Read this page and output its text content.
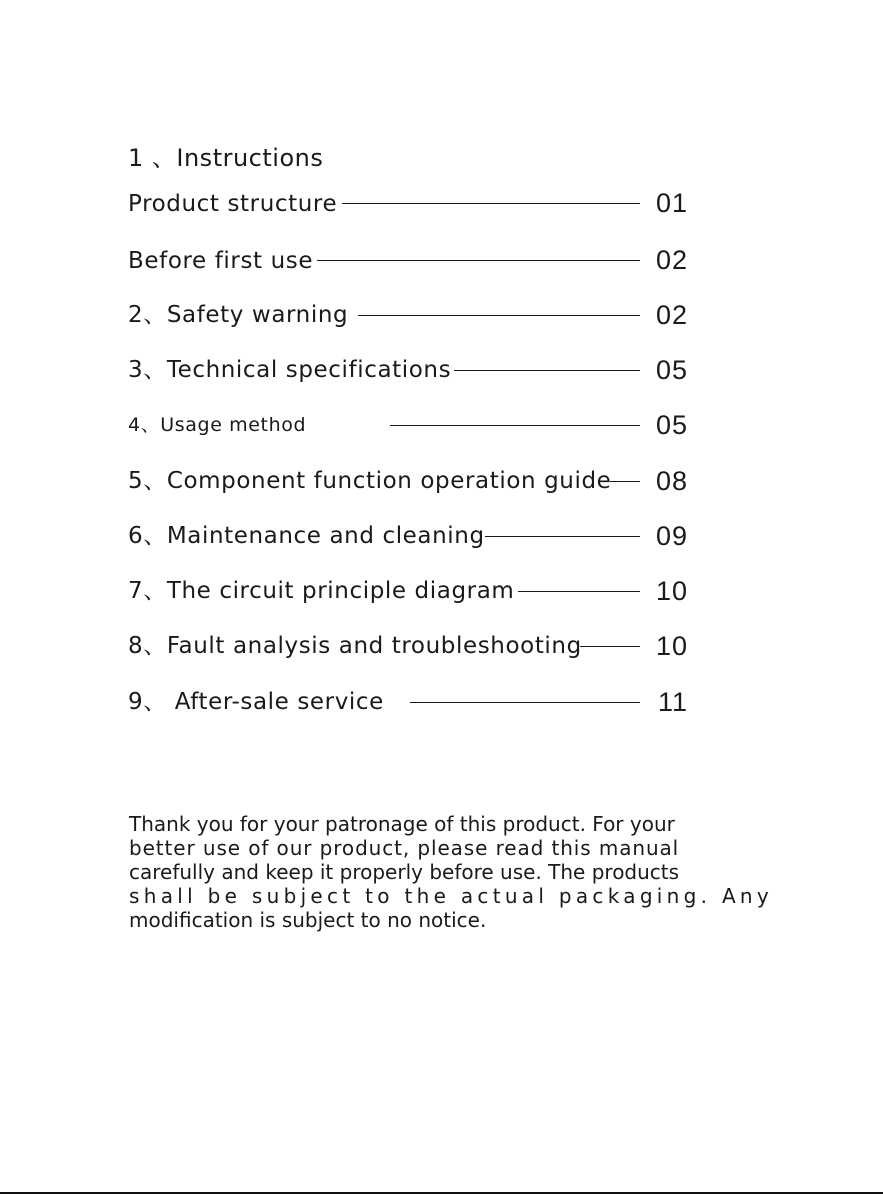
1 、Instructions
Product structure	01
Before first use	02
2、Safety warning	02
3、Technical specifications	05
4、Usage method	05
5、Component function operation guide 08
6、Maintenance and cleaning	09
7、The circuit principle diagram	10
8、Fault analysis and troubleshooting	10
9、 After-sale service	11

Thank you for your patronage of this product. For your

better use of our product, please read this manual

carefully and keep it properly before use. The products

shall be subject to the actual packaging. Any

modification is subject to no notice.
